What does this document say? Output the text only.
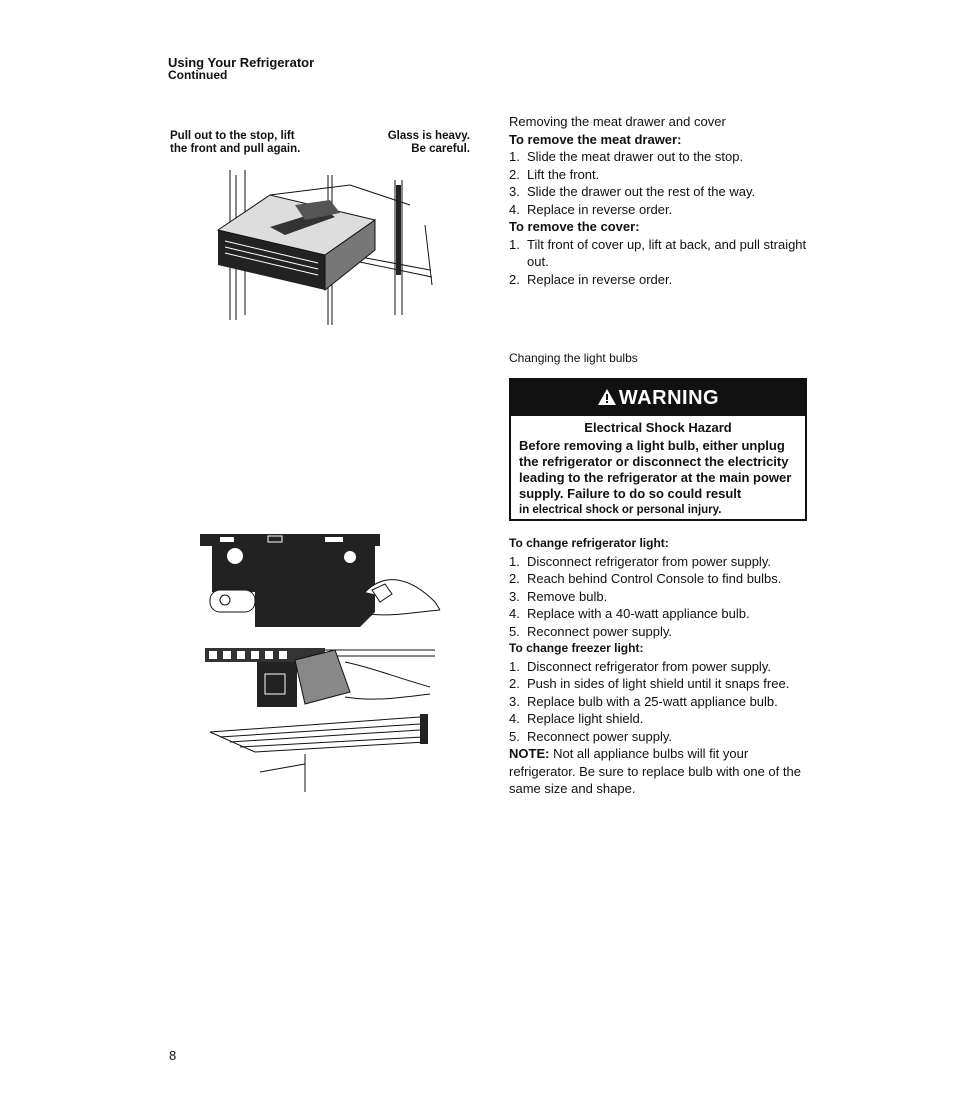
Using Your Refrigerator
Continued
Pull out to the stop, lift
the front and pull again.
Glass is heavy.
Be careful.
Removing the meat drawer and cover
To remove the meat drawer:
1. Slide the meat drawer out to the stop.
2. Lift the front.
3. Slide the drawer out the rest of the way.
4. Replace in reverse order.
To remove the cover:
1. Tilt front of cover up, lift at back, and pull straight out.
2. Replace in reverse order.
Changing the light bulbs
WARNING
Electrical Shock Hazard
Before removing a light bulb, either unplug the refrigerator or disconnect the electricity leading to the refrigerator at the main power supply. Failure to do so could result
in electrical shock or personal injury.
To change refrigerator light:
1. Disconnect refrigerator from power supply.
2. Reach behind Control Console to find bulbs.
3. Remove bulb.
4. Replace with a 40-watt appliance bulb.
5. Reconnect power supply.
To change freezer light:
1. Disconnect refrigerator from power supply.
2. Push in sides of light shield until it snaps free.
3. Replace bulb with a 25-watt appliance bulb.
4. Replace light shield.
5. Reconnect power supply.
NOTE: Not all appliance bulbs will fit your refrigerator. Be sure to replace bulb with one of the same size and shape.
8
